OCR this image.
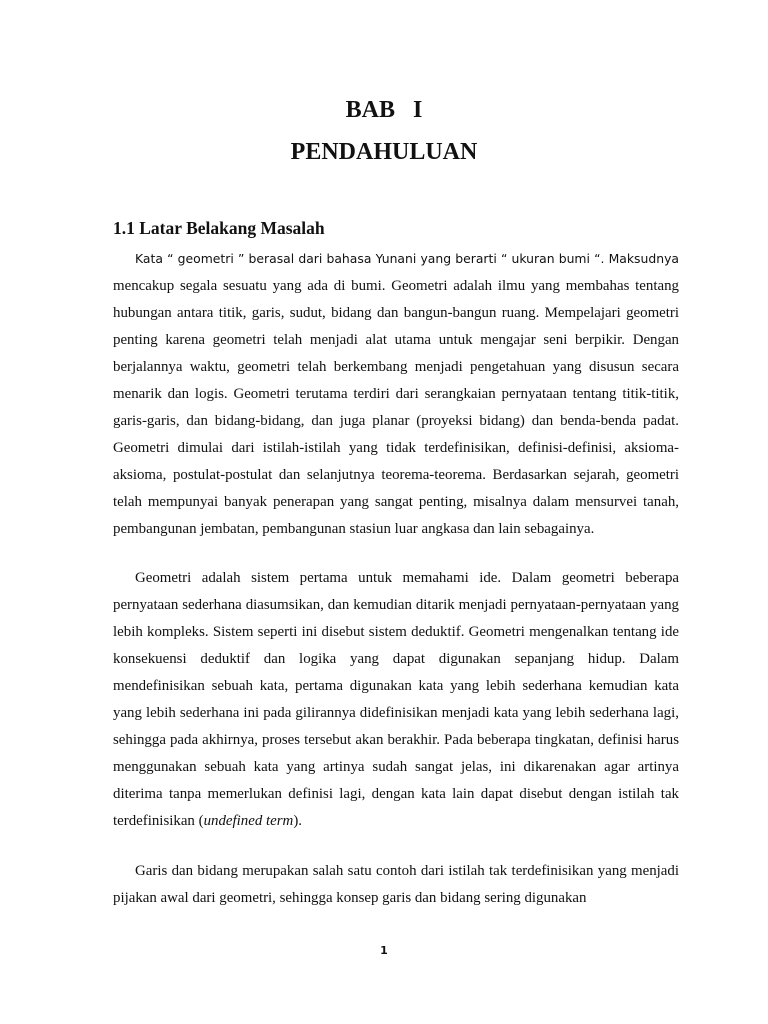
BAB I
PENDAHULUAN
1.1 Latar Belakang Masalah

Kata “ geometri ” berasal dari bahasa Yunani yang berarti “ ukuran bumi “. Maksudnya mencakup segala sesuatu yang ada di bumi. Geometri adalah ilmu yang membahas tentang hubungan antara titik, garis, sudut, bidang dan bangun-bangun ruang. Mempelajari geometri penting karena geometri telah menjadi alat utama untuk mengajar seni berpikir. Dengan berjalannya waktu, geometri telah berkembang menjadi pengetahuan yang disusun secara menarik dan logis. Geometri terutama terdiri dari serangkaian pernyataan tentang titik-titik, garis-garis, dan bidang-bidang, dan juga planar (proyeksi bidang) dan benda-benda padat. Geometri dimulai dari istilah-istilah yang tidak terdefinisikan, definisi-definisi, aksioma-aksioma, postulat-postulat dan selanjutnya teorema-teorema. Berdasarkan sejarah, geometri telah mempunyai banyak penerapan yang sangat penting, misalnya dalam mensurvei tanah, pembangunan jembatan, pembangunan stasiun luar angkasa dan lain sebagainya.

Geometri adalah sistem pertama untuk memahami ide. Dalam geometri beberapa pernyataan sederhana diasumsikan, dan kemudian ditarik menjadi pernyataan-pernyataan yang lebih kompleks. Sistem seperti ini disebut sistem deduktif. Geometri mengenalkan tentang ide konsekuensi deduktif dan logika yang dapat digunakan sepanjang hidup. Dalam mendefinisikan sebuah kata, pertama digunakan kata yang lebih sederhana kemudian kata yang lebih sederhana ini pada gilirannya didefinisikan menjadi kata yang lebih sederhana lagi, sehingga pada akhirnya, proses tersebut akan berakhir. Pada beberapa tingkatan, definisi harus menggunakan sebuah kata yang artinya sudah sangat jelas, ini dikarenakan agar artinya diterima tanpa memerlukan definisi lagi, dengan kata lain dapat disebut dengan istilah tak terdefinisikan (undefined term).

Garis dan bidang merupakan salah satu contoh dari istilah tak terdefinisikan yang menjadi pijakan awal dari geometri, sehingga konsep garis dan bidang sering digunakan

1
